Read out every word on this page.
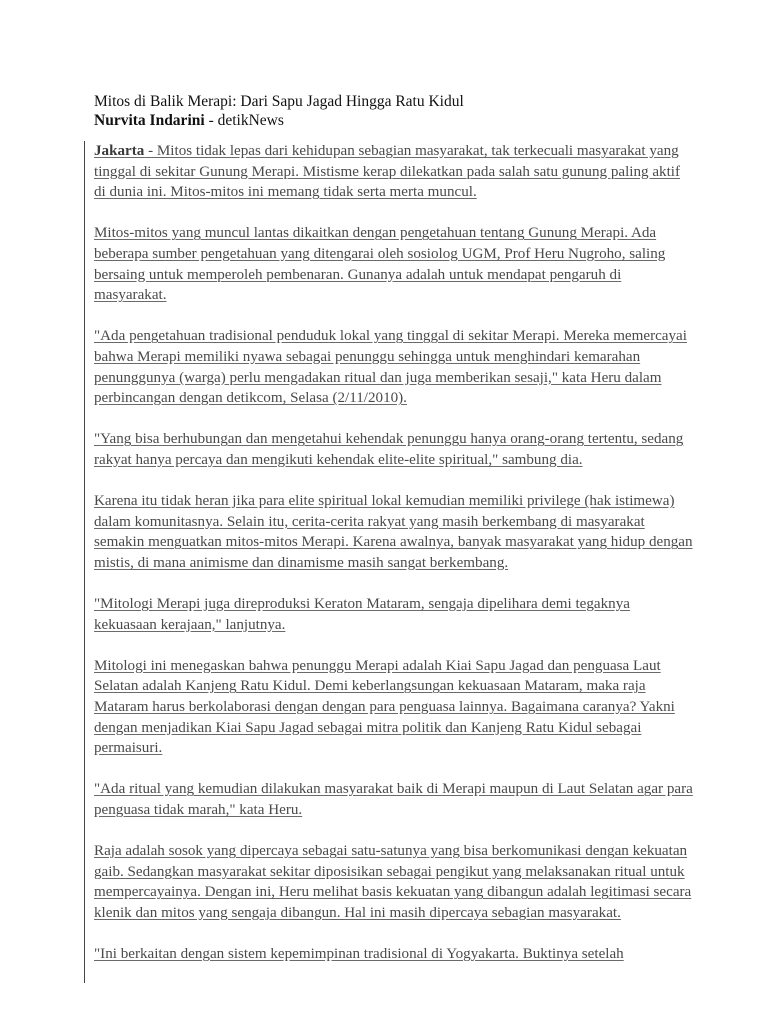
Mitos di Balik Merapi: Dari Sapu Jagad Hingga Ratu Kidul
Nurvita Indarini - detikNews

Jakarta - Mitos tidak lepas dari kehidupan sebagian masyarakat, tak terkecuali masyarakat yang tinggal di sekitar Gunung Merapi. Mistisme kerap dilekatkan pada salah satu gunung paling aktif di dunia ini. Mitos-mitos ini memang tidak serta merta muncul.

Mitos-mitos yang muncul lantas dikaitkan dengan pengetahuan tentang Gunung Merapi. Ada beberapa sumber pengetahuan yang ditengarai oleh sosiolog UGM, Prof Heru Nugroho, saling bersaing untuk memperoleh pembenaran. Gunanya adalah untuk mendapat pengaruh di masyarakat.

"Ada pengetahuan tradisional penduduk lokal yang tinggal di sekitar Merapi. Mereka memercayai bahwa Merapi memiliki nyawa sebagai penunggu sehingga untuk menghindari kemarahan penunggunya (warga) perlu mengadakan ritual dan juga memberikan sesaji," kata Heru dalam perbincangan dengan detikcom, Selasa (2/11/2010).

"Yang bisa berhubungan dan mengetahui kehendak penunggu hanya orang-orang tertentu, sedang rakyat hanya percaya dan mengikuti kehendak elite-elite spiritual," sambung dia.

Karena itu tidak heran jika para elite spiritual lokal kemudian memiliki privilege (hak istimewa) dalam komunitasnya. Selain itu, cerita-cerita rakyat yang masih berkembang di masyarakat semakin menguatkan mitos-mitos Merapi. Karena awalnya, banyak masyarakat yang hidup dengan mistis, di mana animisme dan dinamisme masih sangat berkembang.

"Mitologi Merapi juga direproduksi Keraton Mataram, sengaja dipelihara demi tegaknya kekuasaan kerajaan," lanjutnya.

Mitologi ini menegaskan bahwa penunggu Merapi adalah Kiai Sapu Jagad dan penguasa Laut Selatan adalah Kanjeng Ratu Kidul. Demi keberlangsungan kekuasaan Mataram, maka raja Mataram harus berkolaborasi dengan dengan para penguasa lainnya. Bagaimana caranya? Yakni dengan menjadikan Kiai Sapu Jagad sebagai mitra politik dan Kanjeng Ratu Kidul sebagai permaisuri.

"Ada ritual yang kemudian dilakukan masyarakat baik di Merapi maupun di Laut Selatan agar para penguasa tidak marah," kata Heru.

Raja adalah sosok yang dipercaya sebagai satu-satunya yang bisa berkomunikasi dengan kekuatan gaib. Sedangkan masyarakat sekitar diposisikan sebagai pengikut yang melaksanakan ritual untuk mempercayainya. Dengan ini, Heru melihat basis kekuatan yang dibangun adalah legitimasi secara klenik dan mitos yang sengaja dibangun. Hal ini masih dipercaya sebagian masyarakat.

"Ini berkaitan dengan sistem kepemimpinan tradisional di Yogyakarta. Buktinya setelah
